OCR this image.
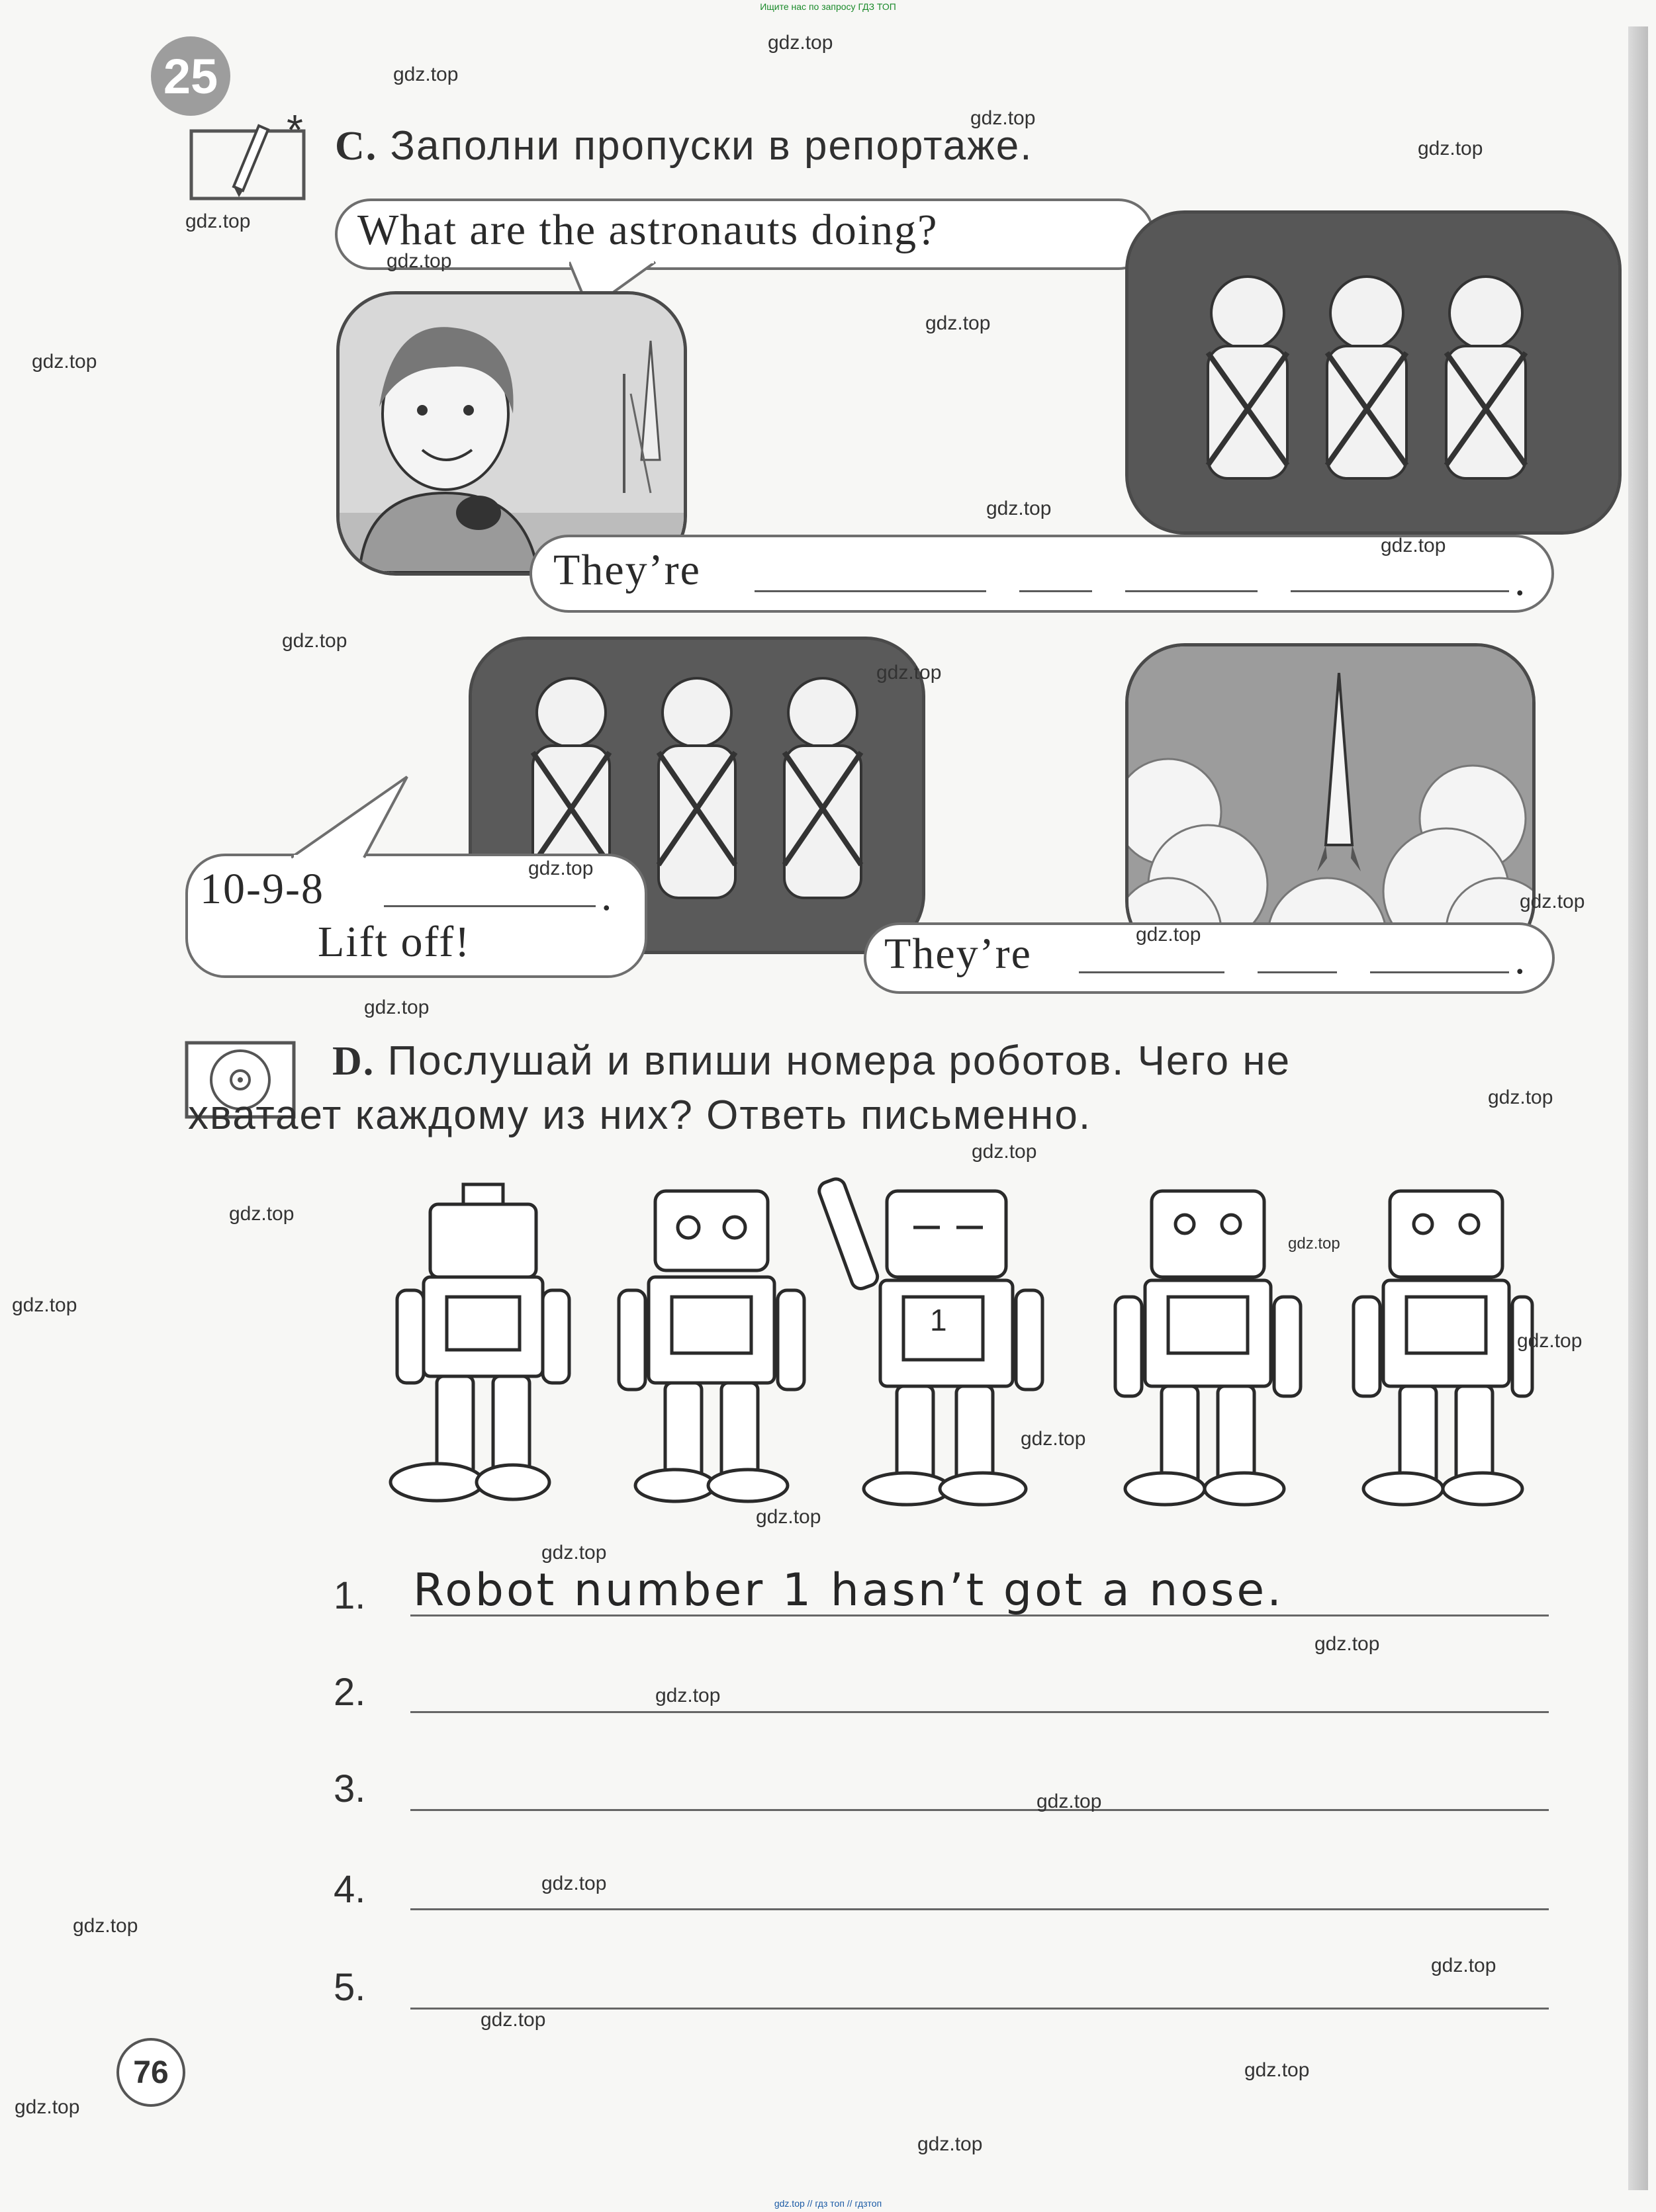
Ищите нас по запросу ГДЗ ТОП
25
* C. Заполни пропуски в репортаже.
What are the astronauts doing?
They’re	.
10-9-8	.
Lift off!	They’re	.
D. Послушай и впиши номера роботов. Чего не
хватает каждому из них? Ответь письменно.
1
1. Robot number 1 hasn’t got a nose.
2.
3.
4.
5.
76
gdz.top
gdz.top
gdz.top
gdz.top
gdz.top
gdz.top
gdz.top
gdz.top
gdz.top
gdz.top
gdz.top
gdz.top
gdz.top
gdz.top
gdz.top
gdz.top
gdz.top
gdz.top
gdz.top
gdz.top
gdz.top
gdz.top
gdz.top
gdz.top
gdz.top
gdz.top
gdz.top
gdz.top
gdz.top
gdz.top
gdz.top
gdz.top
gdz.top
gdz.top
gdz.top
gdz.top // гдз топ // гдзтоп
